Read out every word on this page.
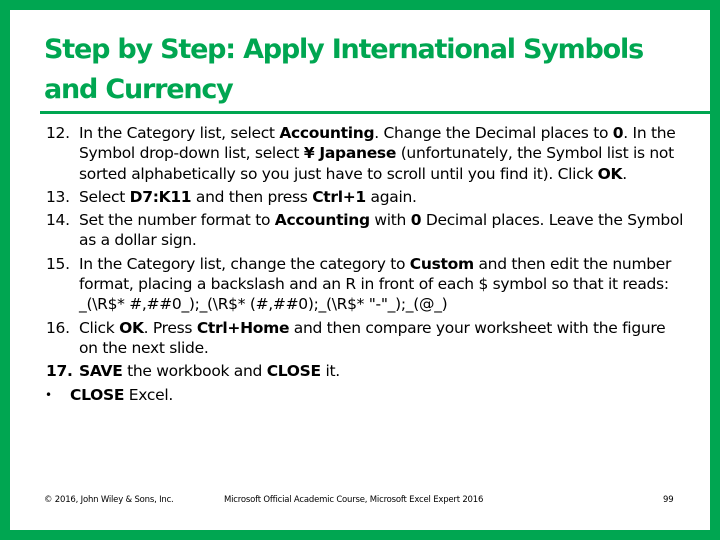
Step by Step: Apply International Symbols and Currency
12. In the Category list, select Accounting. Change the Decimal places to 0. In the Symbol drop-down list, select ¥ Japanese (unfortunately, the Symbol list is not sorted alphabetically so you just have to scroll until you find it). Click OK.
13. Select D7:K11 and then press Ctrl+1 again.
14. Set the number format to Accounting with 0 Decimal places. Leave the Symbol as a dollar sign.
15. In the Category list, change the category to Custom and then edit the number format, placing a backslash and an R in front of each $ symbol so that it reads: _(\R$* #,##0_);_(\R$* (#,##0);_(\R$* "-"_);_(@_)
16. Click OK. Press Ctrl+Home and then compare your worksheet with the figure on the next slide.
17. SAVE the workbook and CLOSE it.
• CLOSE Excel.
© 2016, John Wiley & Sons, Inc.	Microsoft Official Academic Course, Microsoft Excel Expert 2016	99
